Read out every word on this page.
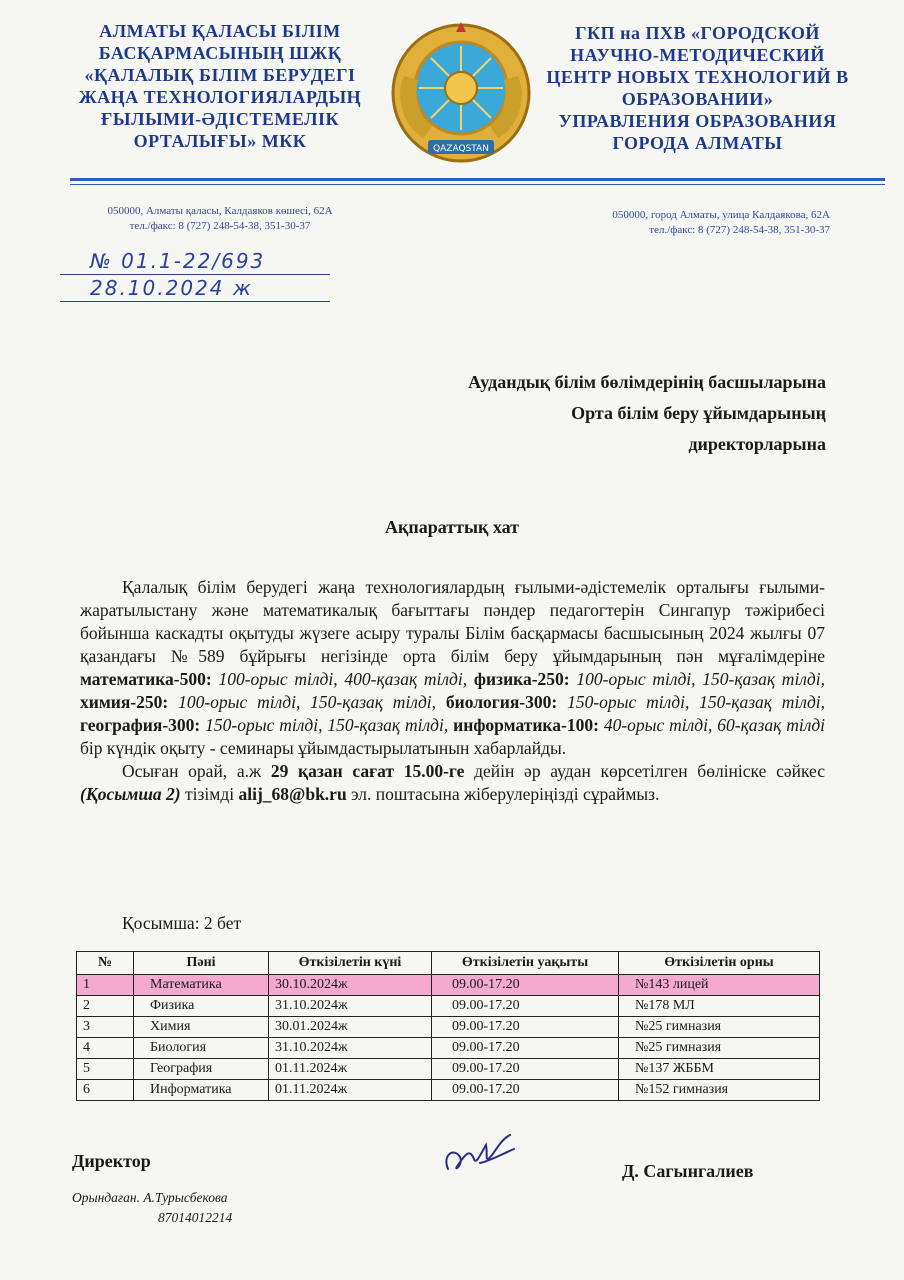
АЛМАТЫ ҚАЛАСЫ БІЛІМ
БАСҚАРМАСЫНЫҢ ШЖҚ
«ҚАЛАЛЫҚ БІЛІМ БЕРУДЕГІ
ЖАҢА ТЕХНОЛОГИЯЛАРДЫҢ
ҒЫЛЫМИ-ӘДІСТЕМЕЛІК
ОРТАЛЫҒЫ» МКК	QAZAQSTAN
ГКП на ПХВ «ГОРОДСКОЙ
НАУЧНО-МЕТОДИЧЕСКИЙ
ЦЕНТР НОВЫХ ТЕХНОЛОГИЙ В
ОБРАЗОВАНИИ»
УПРАВЛЕНИЯ ОБРАЗОВАНИЯ
ГОРОДА АЛМАТЫ
050000, Алматы қаласы, Калдаяков көшесі, 62А
тел./факс: 8 (727) 248-54-38, 351-30-37
050000, город Алматы, улица Калдаякова, 62А
тел./факс: 8 (727) 248-54-38, 351-30-37
№ 01.1-22/693
28.10.2024 ж
Аудандық білім бөлімдерінің басшыларына
Орта білім беру ұйымдарының
директорларына
Ақпараттық хат

Қалалық білім берудегі жаңа технологиялардың ғылыми-әдістемелік орталығы ғылыми-жаратылыстану және математикалық бағыттағы пәндер педагогтерін Сингапур тәжірибесі бойынша каскадты оқытуды жүзеге асыру туралы Білім басқармасы басшысының 2024 жылғы 07 қазандағы №589 бұйрығы негізінде орта білім беру ұйымдарының пән мұғалімдеріне математика-500: 100-орыс тілді, 400-қазақ тілді, физика-250: 100-орыс тілді, 150-қазақ тілді, химия-250: 100-орыс тілді, 150-қазақ тілді, биология-300: 150-орыс тілді, 150-қазақ тілді, география-300: 150-орыс тілді, 150-қазақ тілді, информатика-100: 40-орыс тілді, 60-қазақ тілді бір күндік оқыту - семинары ұйымдастырылатынын хабарлайды.

Осыған орай, а.ж 29 қазан сағат 15.00-ге дейін әр аудан көрсетілген бөлініске сәйкес (Қосымша 2) тізімді alij_68@bk.ru эл. поштасына жіберулеріңізді сұраймыз.

Қосымша: 2 бет
№	Пәні	Өткізілетін күні	Өткізілетін уақыты	Өткізілетін орны
1	Математика	30.10.2024ж	09.00-17.20	№143 лицей
2	Физика	31.10.2024ж	09.00-17.20	№178 МЛ
3	Химия	30.01.2024ж	09.00-17.20	№25 гимназия
4	Биология	31.10.2024ж	09.00-17.20	№25 гимназия
5	География	01.11.2024ж	09.00-17.20	№137 ЖББМ
6	Информатика	01.11.2024ж	09.00-17.20	№152 гимназия
Директор	Д. Сагынгалиев
Орындаған. А.Турысбекова
87014012214
